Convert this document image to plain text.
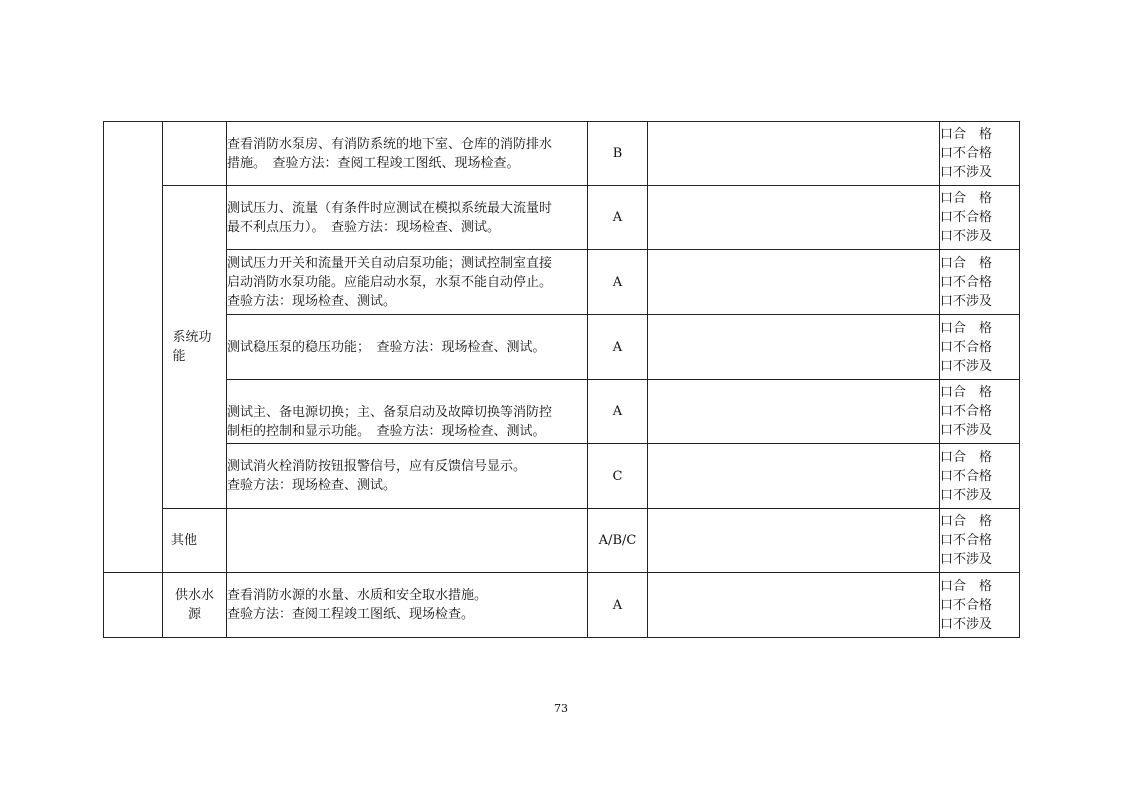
		查看消防水泵房、有消防系统的地下室、仓库的消防排水
措施。　查验方法：查阅工程竣工图纸、现场检查。	B		口合　格
口不合格
口不涉及

	系统功能	测试压力、流量（有条件时应测试在模拟系统最大流量时
最不利点压力）。　查验方法：现场检查、测试。	A		口合　格
口不合格
口不涉及

		测试压力开关和流量开关自动启泵功能；测试控制室直接
启动消防水泵功能。应能启动水泵，水泵不能自动停止。
查验方法：现场检查、测试。	A		口合　格
口不合格
口不涉及

		测试稳压泵的稳压功能；　查验方法：现场检查、测试。	A		口合　格
口不合格
口不涉及

		测试主、备电源切换；主、备泵启动及故障切换等消防控
制柜的控制和显示功能。　查验方法：现场检查、测试。	A		口合　格
口不合格
口不涉及

		测试消火栓消防按钮报警信号，应有反馈信号显示。
查验方法：现场检查、测试。	C		口合　格
口不合格
口不涉及

	其他		A/B/C		口合　格
口不合格
口不涉及

	供水水源	查看消防水源的水量、水质和安全取水措施。
查验方法：查阅工程竣工图纸、现场检查。	A		口合　格
口不合格
口不涉及
73
